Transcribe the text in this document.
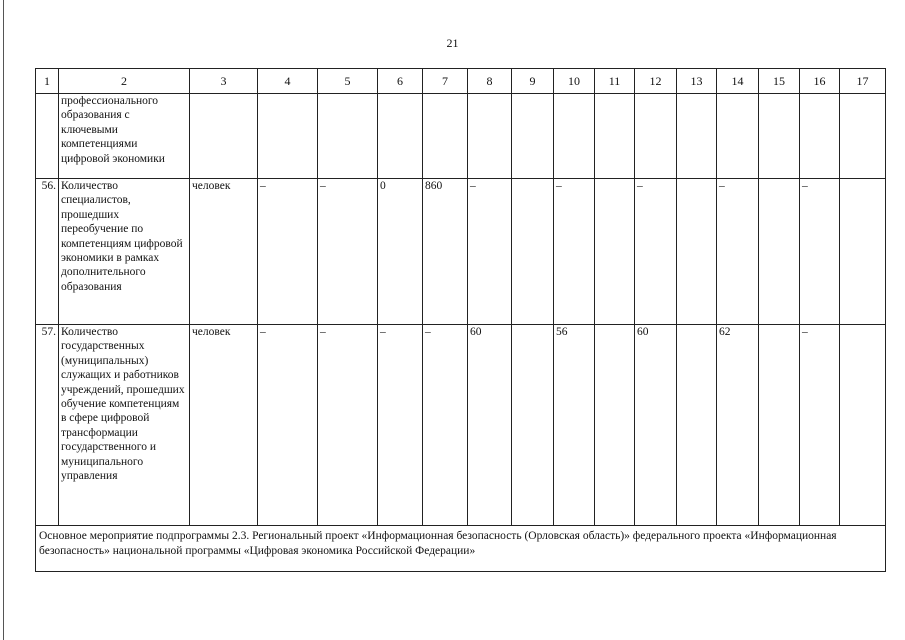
21
1	2	3	4	5	6	7	8	9	10	11	12	13	14	15	16	17
	профессионального образования с ключевыми компетенциями цифровой экономики															
56.	Количество специалистов, прошедших переобучение по компетенциям цифровой экономики в рамках дополнительного образования	человек	–	–	0	860	–		–		–		–		–	
57.	Количество государственных (муниципальных) служащих и работников учреждений, прошедших обучение компетенциям в сфере цифровой трансформации государственного и муниципального управления	человек	–	–	–	–	60		56		60		62		–	
Основное мероприятие подпрограммы 2.3. Региональный проект «Информационная безопасность (Орловская область)» федерального проекта «Информационная безопасность» национальной программы «Цифровая экономика Российской Федерации»																
